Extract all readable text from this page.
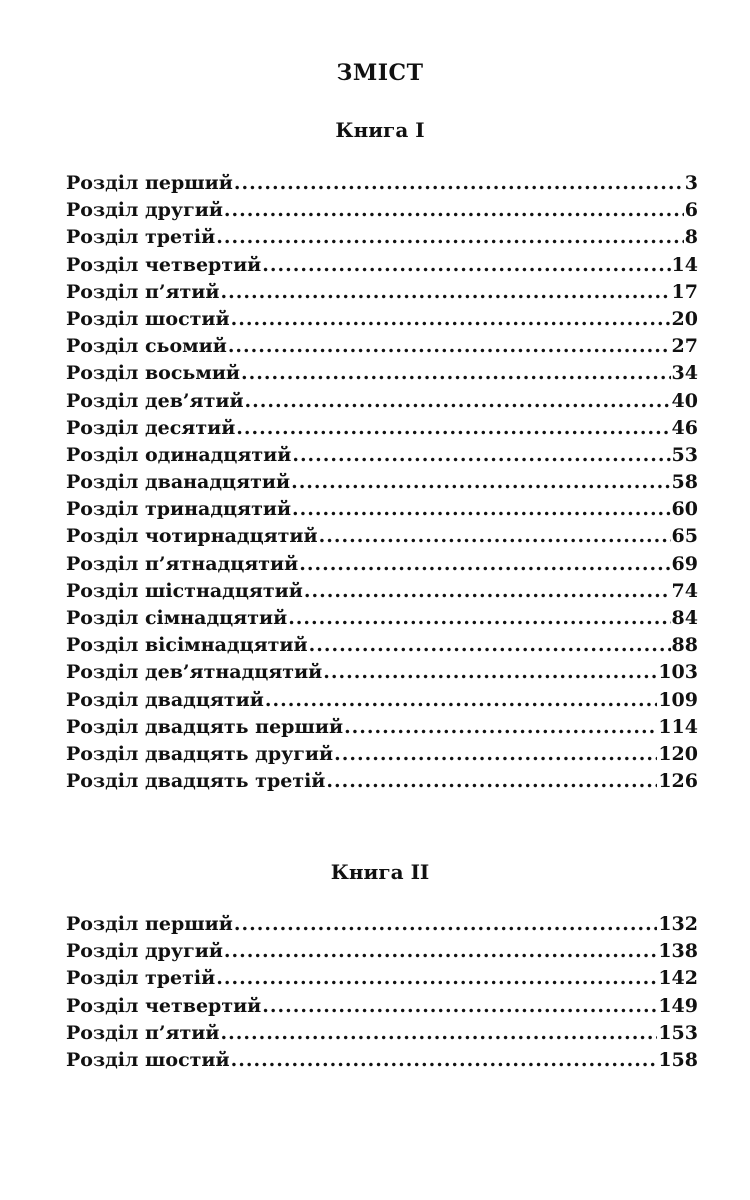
ЗМІСТ
Книга I
Розділ перший .....	3
Розділ другий .....	6
Розділ третій .....	8
Розділ четвертий .....	14
Розділ п’ятий .....	17
Розділ шостий .....	20
Розділ сьомий .....	27
Розділ восьмий .....	34
Розділ дев’ятий .....	40
Розділ десятий .....	46
Розділ одинадцятий .....	53
Розділ дванадцятий .....	58
Розділ тринадцятий .....	60
Розділ чотирнадцятий .....	65
Розділ п’ятнадцятий .....	69
Розділ шістнадцятий .....	74
Розділ сімнадцятий .....	84
Розділ вісімнадцятий .....	88
Розділ дев’ятнадцятий .....	103
Розділ двадцятий .....	109
Розділ двадцять перший .....	114
Розділ двадцять другий .....	120
Розділ двадцять третій .....	126
Книга II
Розділ перший .....	132
Розділ другий .....	138
Розділ третій .....	142
Розділ четвертий .....	149
Розділ п’ятий .....	153
Розділ шостий .....	158
